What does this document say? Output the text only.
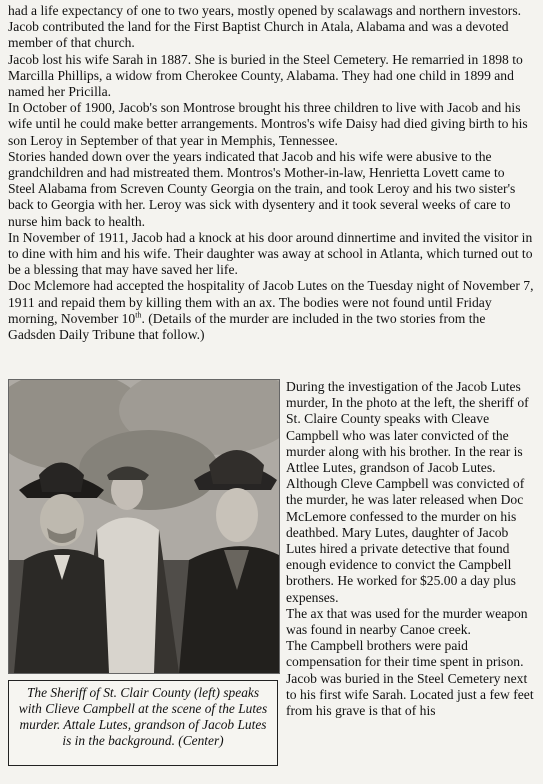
had a life expectancy of one to two years, mostly opened by scalawags and northern investors.

Jacob contributed the land for the First Baptist Church in Atala, Alabama and was a devoted member of that church.

Jacob lost his wife Sarah in 1887. She is buried in the Steel Cemetery. He remarried in 1898 to Marcilla Phillips, a widow from Cherokee County, Alabama. They had one child in 1899 and named her Pricilla.

In October of 1900, Jacob's son Montrose brought his three children to live with Jacob and his wife until he could make better arrangements. Montros's wife Daisy had died giving birth to his son Leroy in September of that year in Memphis, Tennessee.

Stories handed down over the years indicated that Jacob and his wife were abusive to the grandchildren and had mistreated them. Montros's Mother-in-law, Henrietta Lovett came to Steel Alabama from Screven County Georgia on the train, and took Leroy and his two sister's back to Georgia with her. Leroy was sick with dysentery and it took several weeks of care to nurse him back to health.

In November of 1911, Jacob had a knock at his door around dinnertime and invited the visitor in to dine with him and his wife. Their daughter was away at school in Atlanta, which turned out to be a blessing that may have saved her life.

Doc Mclemore had accepted the hospitality of Jacob Lutes on the Tuesday night of November 7, 1911 and repaid them by killing them with an ax. The bodies were not found until Friday morning, November 10th. (Details of the murder are included in the two stories from the Gadsden Daily Tribune that follow.)

The Sheriff of St. Clair County (left) speaks with Clieve Campbell at the scene of the Lutes murder. Attale Lutes, grandson of Jacob Lutes is in the background. (Center)

During the investigation of the Jacob Lutes murder, In the photo at the left, the sheriff of St. Claire County speaks with Cleave Campbell who was later convicted of the murder along with his brother. In the rear is Attlee Lutes, grandson of Jacob Lutes. Although Cleve Campbell was convicted of the murder, he was later released when Doc McLemore confessed to the murder on his deathbed. Mary Lutes, daughter of Jacob Lutes hired a private detective that found enough evidence to convict the Campbell brothers. He worked for $25.00 a day plus expenses.

The ax that was used for the murder weapon was found in nearby Canoe creek.

The Campbell brothers were paid compensation for their time spent in prison.

Jacob was buried in the Steel Cemetery next to his first wife Sarah. Located just a few feet from his grave is that of his
